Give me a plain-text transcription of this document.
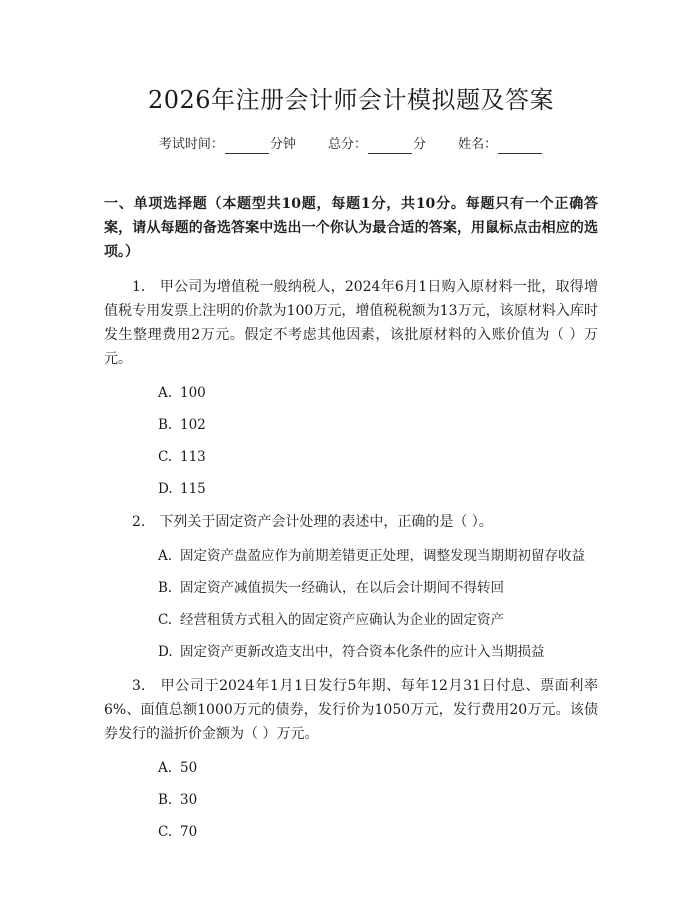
2026年注册会计师会计模拟题及答案
考试时间：	分钟 总分：	分 姓名：
一、单项选择题（本题型共10题，每题1分，共10分。每题只有一个正确答案，请从每题的备选答案中选出一个你认为最合适的答案，用鼠标点击相应的选项。）

1.　甲公司为增值税一般纳税人，2024年6月1日购入原材料一批，取得增值税专用发票上注明的价款为100万元，增值税税额为13万元，该原材料入库时发生整理费用2万元。假定不考虑其他因素，该批原材料的入账价值为（ ）万元。

A. 100
B. 102
C. 113
D. 115

2.　下列关于固定资产会计处理的表述中，正确的是（ ）。

A. 固定资产盘盈应作为前期差错更正处理，调整发现当期期初留存收益
B. 固定资产减值损失一经确认，在以后会计期间不得转回
C. 经营租赁方式租入的固定资产应确认为企业的固定资产
D. 固定资产更新改造支出中，符合资本化条件的应计入当期损益

3.　甲公司于2024年1月1日发行5年期、每年12月31日付息、票面利率6%、面值总额1000万元的债券，发行价为1050万元，发行费用20万元。该债券发行的溢折价金额为（ ）万元。

A. 50
B. 30
C. 70
